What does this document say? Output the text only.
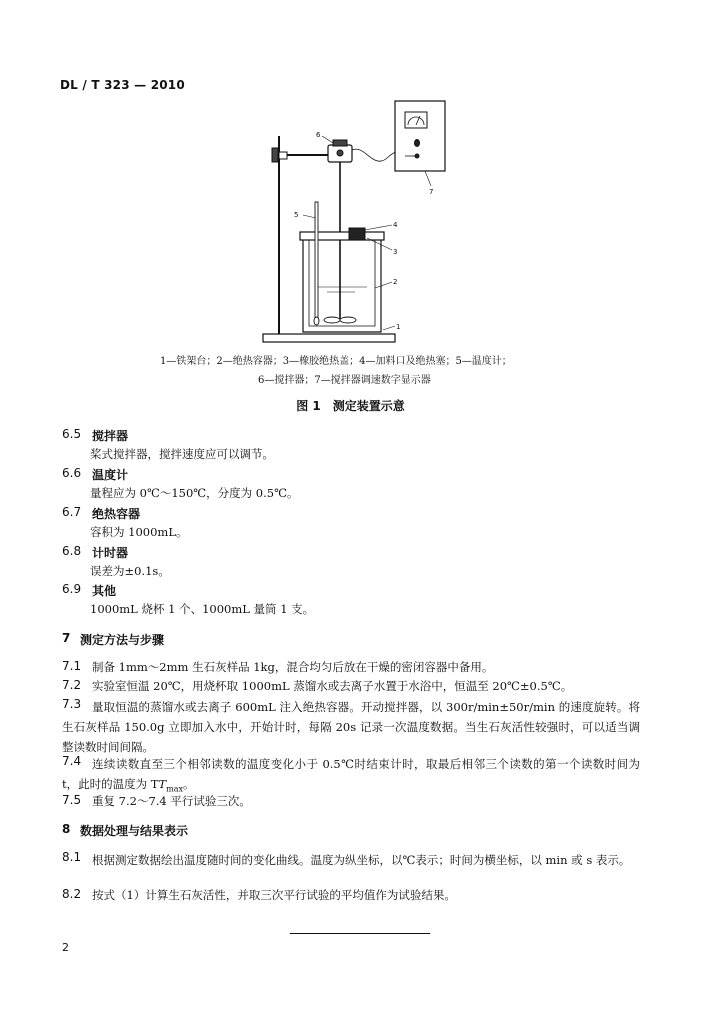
DL / T 323 — 2010
1
2
3
4
5
6
7
1—铁架台；2—绝热容器；3—橡胶绝热盖；4—加料口及绝热塞；5—温度计；
6—搅拌器；7—搅拌器调速数字显示器
图 1　测定装置示意
6.5 搅拌器
桨式搅拌器，搅拌速度应可以调节。
6.6 温度计
量程应为 0℃～150℃，分度为 0.5℃。
6.7 绝热容器
容积为 1000mL。
6.8 计时器
误差为±0.1s。
6.9 其他
1000mL 烧杯 1 个、1000mL 量筒 1 支。
7 测定方法与步骤
7.1 制备 1mm～2mm 生石灰样品 1kg，混合均匀后放在干燥的密闭容器中备用。
7.2 实验室恒温 20℃，用烧杯取 1000mL 蒸馏水或去离子水置于水浴中，恒温至 20℃±0.5℃。
7.3 量取恒温的蒸馏水或去离子 600mL 注入绝热容器。开动搅拌器，以 300r/min±50r/min 的速度旋转。将生石灰样品 150.0g 立即加入水中，开始计时，每隔 20s 记录一次温度数据。当生石灰活性较强时，可以适当调整读数时间间隔。
7.4 连续读数直至三个相邻读数的温度变化小于 0.5℃时结束计时，取最后相邻三个读数的第一个读数时间为 t，此时的温度为 $TT_{max}$。
7.5 重复 7.2～7.4 平行试验三次。
8 数据处理与结果表示
8.1 根据测定数据绘出温度随时间的变化曲线。温度为纵坐标，以℃表示；时间为横坐标，以 min 或 s 表示。
8.2 按式（1）计算生石灰活性，并取三次平行试验的平均值作为试验结果。
2
